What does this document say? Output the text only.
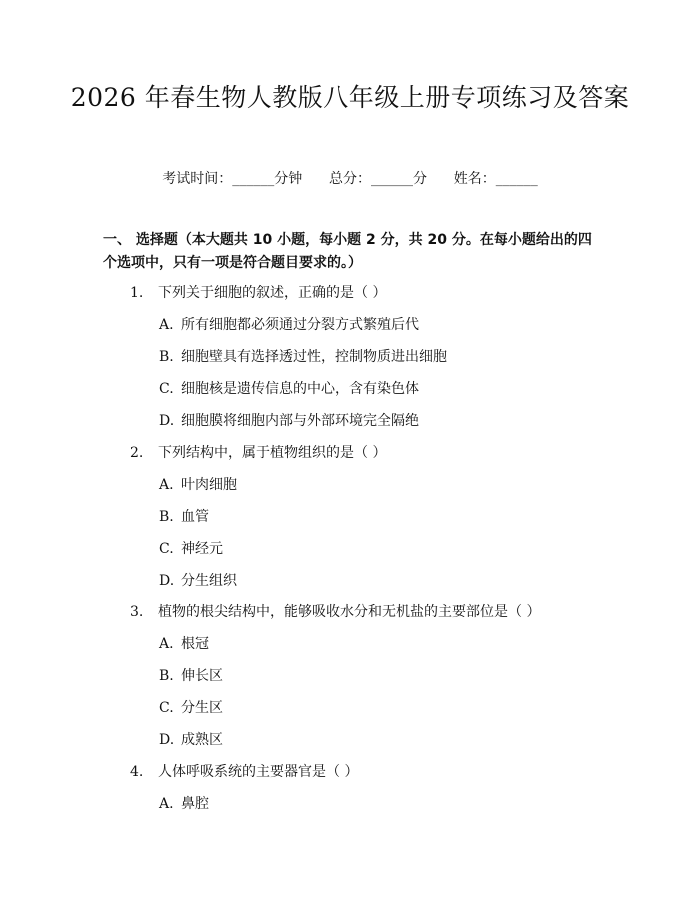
2026 年春生物人教版八年级上册专项练习及答案
考试时间：______分钟      总分：______分      姓名：______
一、 选择题（本大题共 10 小题，每小题 2 分，共 20 分。在每小题给出的四个选项中，只有一项是符合题目要求的。）
1. 下列关于细胞的叙述，正确的是（ ）
A. 所有细胞都必须通过分裂方式繁殖后代
B. 细胞壁具有选择透过性，控制物质进出细胞
C. 细胞核是遗传信息的中心，含有染色体
D. 细胞膜将细胞内部与外部环境完全隔绝
2. 下列结构中，属于植物组织的是（ ）
A. 叶肉细胞
B. 血管
C. 神经元
D. 分生组织
3. 植物的根尖结构中，能够吸收水分和无机盐的主要部位是（ ）
A. 根冠
B. 伸长区
C. 分生区
D. 成熟区
4. 人体呼吸系统的主要器官是（ ）
A. 鼻腔
